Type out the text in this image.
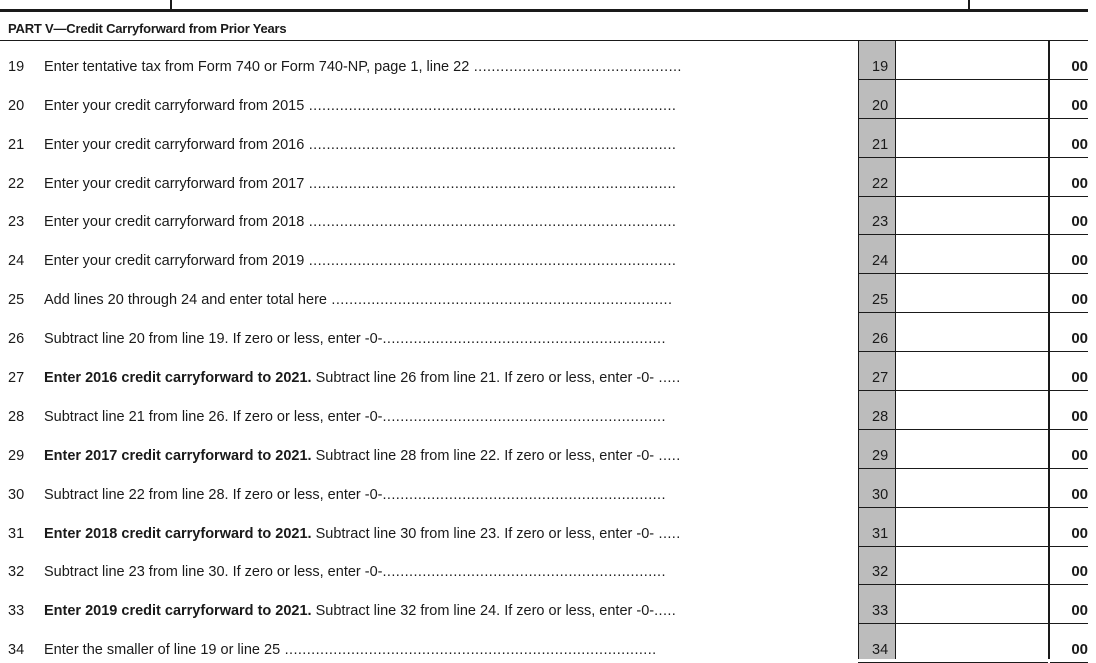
PART V—Credit Carryforward from Prior Years
19	Enter tentative tax from Form 740 or Form 740-NP, page 1, line 22 ...............................................	19	00
20	Enter your credit carryforward from 2015 ...................................................................................	20	00
21	Enter your credit carryforward from 2016 ...................................................................................	21	00
22	Enter your credit carryforward from 2017 ...................................................................................	22	00
23	Enter your credit carryforward from 2018 ...................................................................................	23	00
24	Enter your credit carryforward from 2019 ...................................................................................	24	00
25	Add lines 20 through 24 and enter total here .............................................................................	25	00
26	Subtract line 20 from line 19. If zero or less, enter -0-................................................................	26	00
27	Enter 2016 credit carryforward to 2021. Subtract line 26 from line 21. If zero or less, enter -0- .....	27	00
28	Subtract line 21 from line 26. If zero or less, enter -0-................................................................	28	00
29	Enter 2017 credit carryforward to 2021. Subtract line 28 from line 22. If zero or less, enter -0- .....	29	00
30	Subtract line 22 from line 28. If zero or less, enter -0-................................................................	30	00
31	Enter 2018 credit carryforward to 2021. Subtract line 30 from line 23. If zero or less, enter -0- .....	31	00
32	Subtract line 23 from line 30. If zero or less, enter -0-................................................................	32	00
33	Enter 2019 credit carryforward to 2021. Subtract line 32 from line 24. If zero or less, enter -0-.....	33	00
34	Enter the smaller of line 19 or line 25 ....................................................................................	34	00
